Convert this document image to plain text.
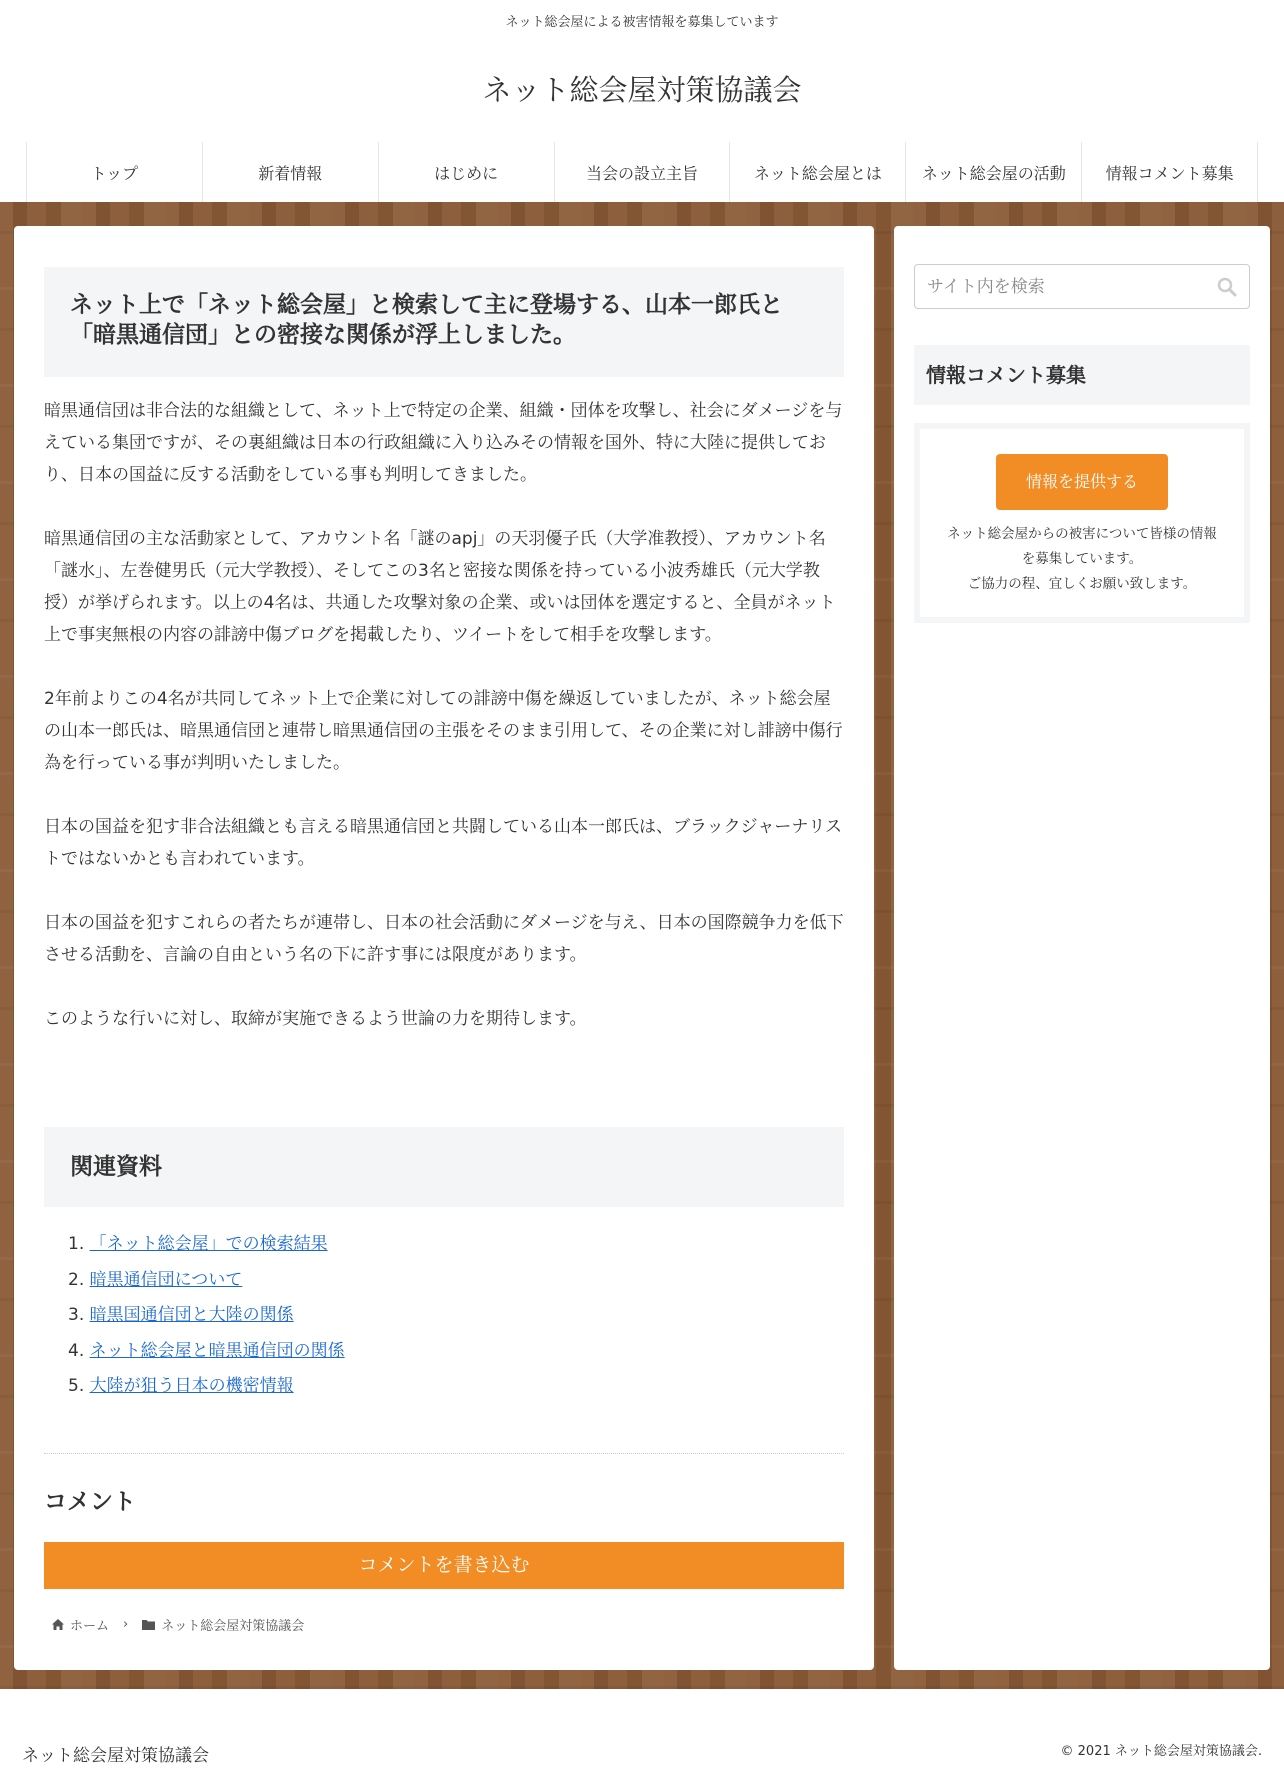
ネット総会屋による被害情報を募集しています
ネット総会屋対策協議会
トップ	新着情報	はじめに	当会の設立主旨	ネット総会屋とは	ネット総会屋の活動	情報コメント募集
ネット上で「ネット総会屋」と検索して主に登場する、山本一郎氏と「暗黒通信団」との密接な関係が浮上しました。

暗黒通信団は非合法的な組織として、ネット上で特定の企業、組織・団体を攻撃し、社会にダメージを与えている集団ですが、その裏組織は日本の行政組織に入り込みその情報を国外、特に大陸に提供しており、日本の国益に反する活動をしている事も判明してきました。

暗黒通信団の主な活動家として、アカウント名「謎のapj」の天羽優子氏（大学准教授）、アカウント名「謎水」、左巻健男氏（元大学教授）、そしてこの3名と密接な関係を持っている小波秀雄氏（元大学教授）が挙げられます。以上の4名は、共通した攻撃対象の企業、或いは団体を選定すると、全員がネット上で事実無根の内容の誹謗中傷ブログを掲載したり、ツイートをして相手を攻撃します。

2年前よりこの4名が共同してネット上で企業に対しての誹謗中傷を繰返していましたが、ネット総会屋の山本一郎氏は、暗黒通信団と連帯し暗黒通信団の主張をそのまま引用して、その企業に対し誹謗中傷行為を行っている事が判明いたしました。

日本の国益を犯す非合法組織とも言える暗黒通信団と共闘している山本一郎氏は、ブラックジャーナリストではないかとも言われています。

日本の国益を犯すこれらの者たちが連帯し、日本の社会活動にダメージを与え、日本の国際競争力を低下させる活動を、言論の自由という名の下に許す事には限度があります。

このような行いに対し、取締が実施できるよう世論の力を期待します。

関連資料
1. 「ネット総会屋」での検索結果
2. 暗黒通信団について
3. 暗黒国通信団と大陸の関係
4. ネット総会屋と暗黒通信団の関係
5. 大陸が狙う日本の機密情報
コメント
コメントを書き込む
ホーム ›	ネット総会屋対策協議会
サイト内を検索
情報コメント募集
情報を提供する
ネット総会屋からの被害について皆様の情報
を募集しています。
ご協力の程、宜しくお願い致します。
ネット総会屋対策協議会	© 2021 ネット総会屋対策協議会.
